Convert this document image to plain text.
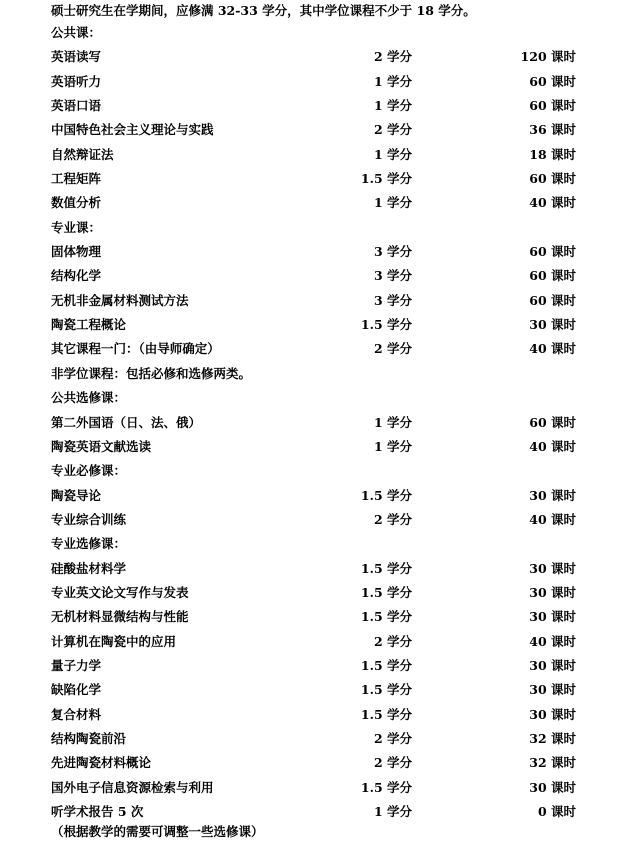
硕士研究生在学期间，应修满 32-33 学分，其中学位课程不少于 18 学分。
公共课：
英语读写	2 学分	120 课时
英语听力	1 学分	60 课时
英语口语	1 学分	60 课时
中国特色社会主义理论与实践	2 学分	36 课时
自然辩证法	1 学分	18 课时
工程矩阵	1.5 学分	60 课时
数值分析	1 学分	40 课时
专业课：
固体物理	3 学分	60 课时
结构化学	3 学分	60 课时
无机非金属材料测试方法	3 学分	60 课时
陶瓷工程概论	1.5 学分	30 课时
其它课程一门：（由导师确定）	2 学分	40 课时
非学位课程：包括必修和选修两类。
公共选修课：
第二外国语（日、法、俄）	1 学分	60 课时
陶瓷英语文献选读	1 学分	40 课时
专业必修课：
陶瓷导论	1.5 学分	30 课时
专业综合训练	2 学分	40 课时
专业选修课：
硅酸盐材料学	1.5 学分	30 课时
专业英文论文写作与发表	1.5 学分	30 课时
无机材料显微结构与性能	1.5 学分	30 课时
计算机在陶瓷中的应用	2 学分	40 课时
量子力学	1.5 学分	30 课时
缺陷化学	1.5 学分	30 课时
复合材料	1.5 学分	30 课时
结构陶瓷前沿	2 学分	32 课时
先进陶瓷材料概论	2 学分	32 课时
国外电子信息资源检索与利用	1.5 学分	30 课时
听学术报告 5 次	1 学分	0 课时
（根据教学的需要可调整一些选修课）
